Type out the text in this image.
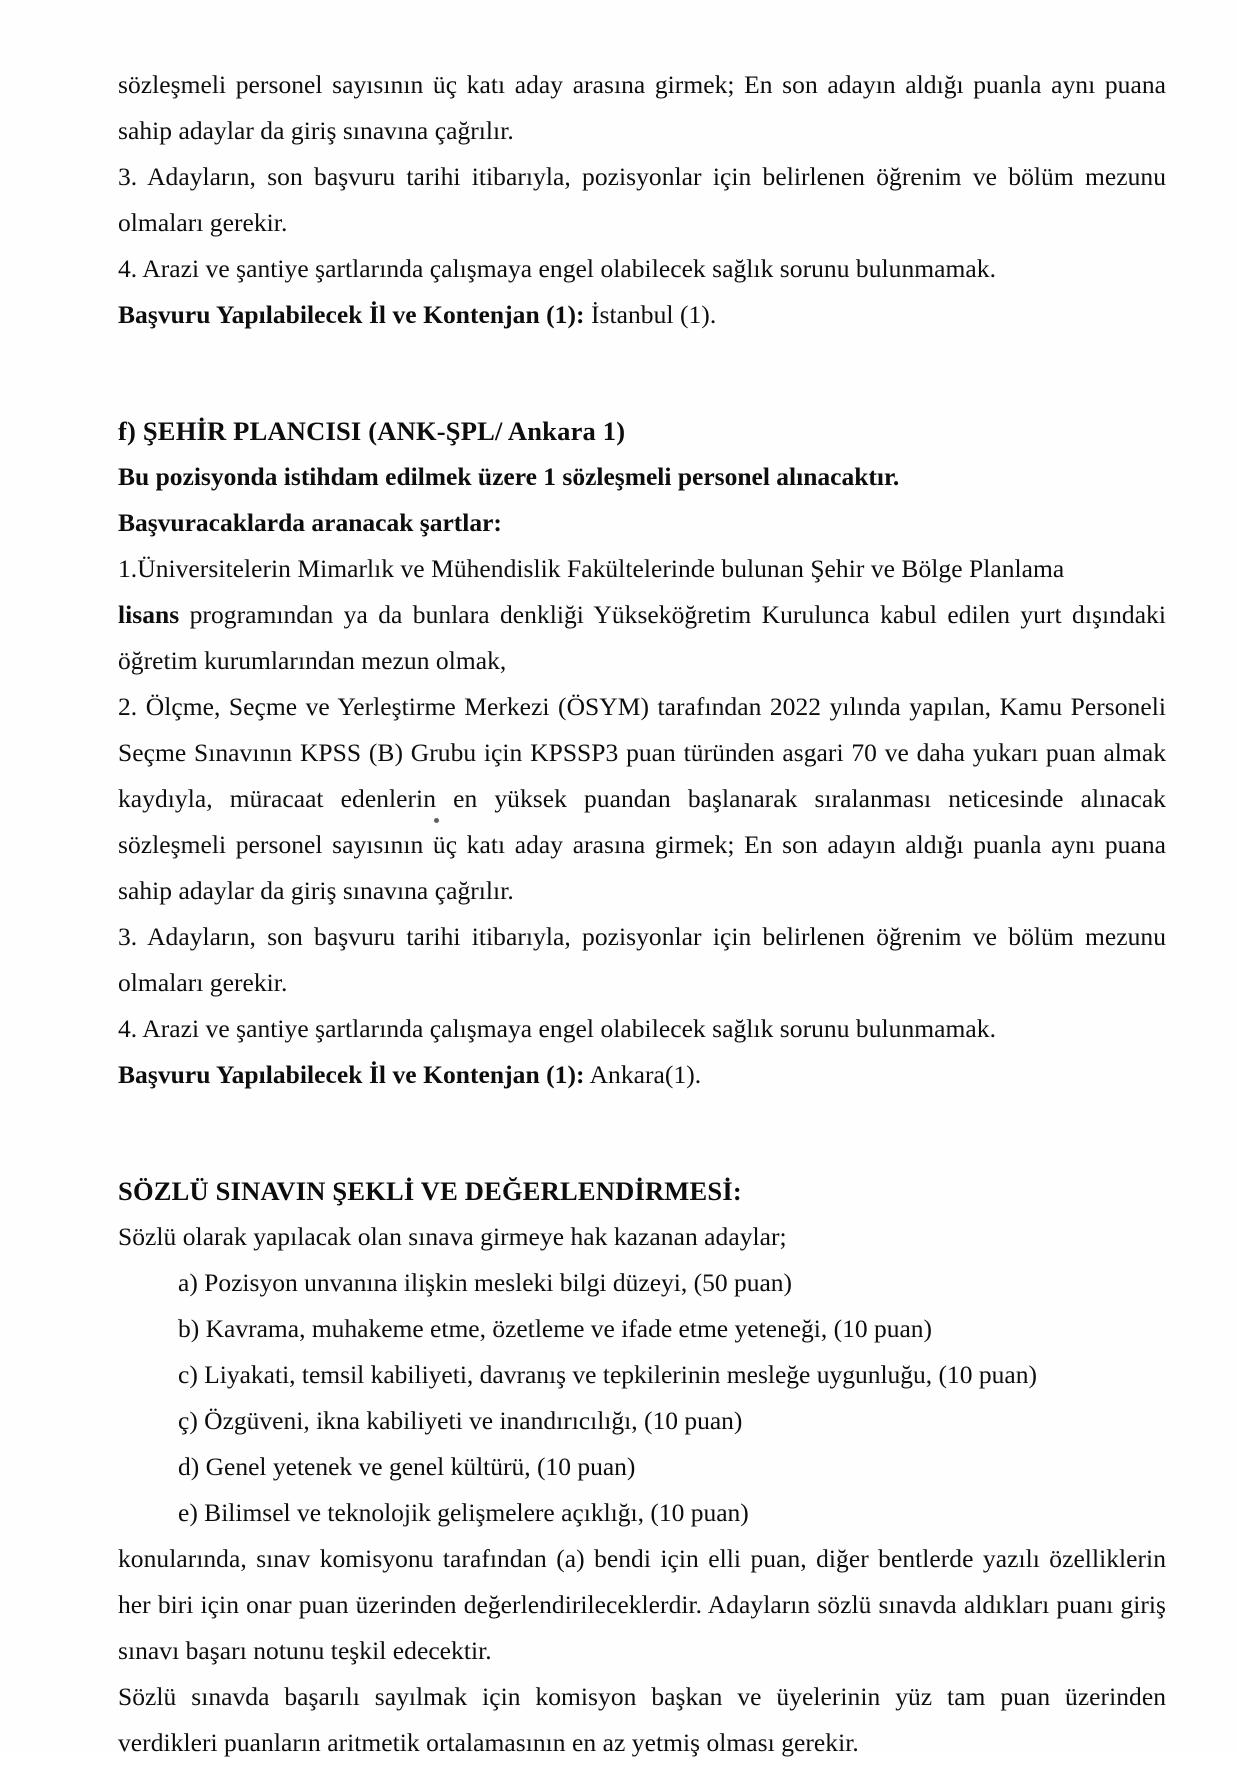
sözleşmeli personel sayısının üç katı aday arasına girmek; En son adayın aldığı puanla aynı puana sahip adaylar da giriş sınavına çağrılır.

3. Adayların, son başvuru tarihi itibarıyla, pozisyonlar için belirlenen öğrenim ve bölüm mezunu olmaları gerekir.

4. Arazi ve şantiye şartlarında çalışmaya engel olabilecek sağlık sorunu bulunmamak.

Başvuru Yapılabilecek İl ve Kontenjan (1): İstanbul (1).

f) ŞEHİR PLANCISI (ANK-ŞPL/ Ankara 1)

Bu pozisyonda istihdam edilmek üzere 1 sözleşmeli personel alınacaktır.

Başvuracaklarda aranacak şartlar:

1.Üniversitelerin Mimarlık ve Mühendislik Fakültelerinde bulunan Şehir ve Bölge Planlama

lisans programından ya da bunlara denkliği Yükseköğretim Kurulunca kabul edilen yurt dışındaki öğretim kurumlarından mezun olmak,

2. Ölçme, Seçme ve Yerleştirme Merkezi (ÖSYM) tarafından 2022 yılında yapılan, Kamu Personeli Seçme Sınavının KPSS (B) Grubu için KPSSP3 puan türünden asgari 70 ve daha yukarı puan almak kaydıyla, müracaat edenlerin en yüksek puandan başlanarak sıralanması neticesinde alınacak sözleşmeli personel sayısının üç katı aday arasına girmek; En son adayın aldığı puanla aynı puana sahip adaylar da giriş sınavına çağrılır.

3. Adayların, son başvuru tarihi itibarıyla, pozisyonlar için belirlenen öğrenim ve bölüm mezunu olmaları gerekir.

4. Arazi ve şantiye şartlarında çalışmaya engel olabilecek sağlık sorunu bulunmamak.

Başvuru Yapılabilecek İl ve Kontenjan (1): Ankara(1).

SÖZLÜ SINAVIN ŞEKLİ VE DEĞERLENDİRMESİ:

Sözlü olarak yapılacak olan sınava girmeye hak kazanan adaylar;

a) Pozisyon unvanına ilişkin mesleki bilgi düzeyi, (50 puan)

b) Kavrama, muhakeme etme, özetleme ve ifade etme yeteneği, (10 puan)

c) Liyakati, temsil kabiliyeti, davranış ve tepkilerinin mesleğe uygunluğu, (10 puan)

ç) Özgüveni, ikna kabiliyeti ve inandırıcılığı, (10 puan)

d) Genel yetenek ve genel kültürü, (10 puan)

e) Bilimsel ve teknolojik gelişmelere açıklığı, (10 puan)

konularında, sınav komisyonu tarafından (a) bendi için elli puan, diğer bentlerde yazılı özelliklerin her biri için onar puan üzerinden değerlendirileceklerdir. Adayların sözlü sınavda aldıkları puanı giriş sınavı başarı notunu teşkil edecektir.

Sözlü sınavda başarılı sayılmak için komisyon başkan ve üyelerinin yüz tam puan üzerinden verdikleri puanların aritmetik ortalamasının en az yetmiş olması gerekir.
